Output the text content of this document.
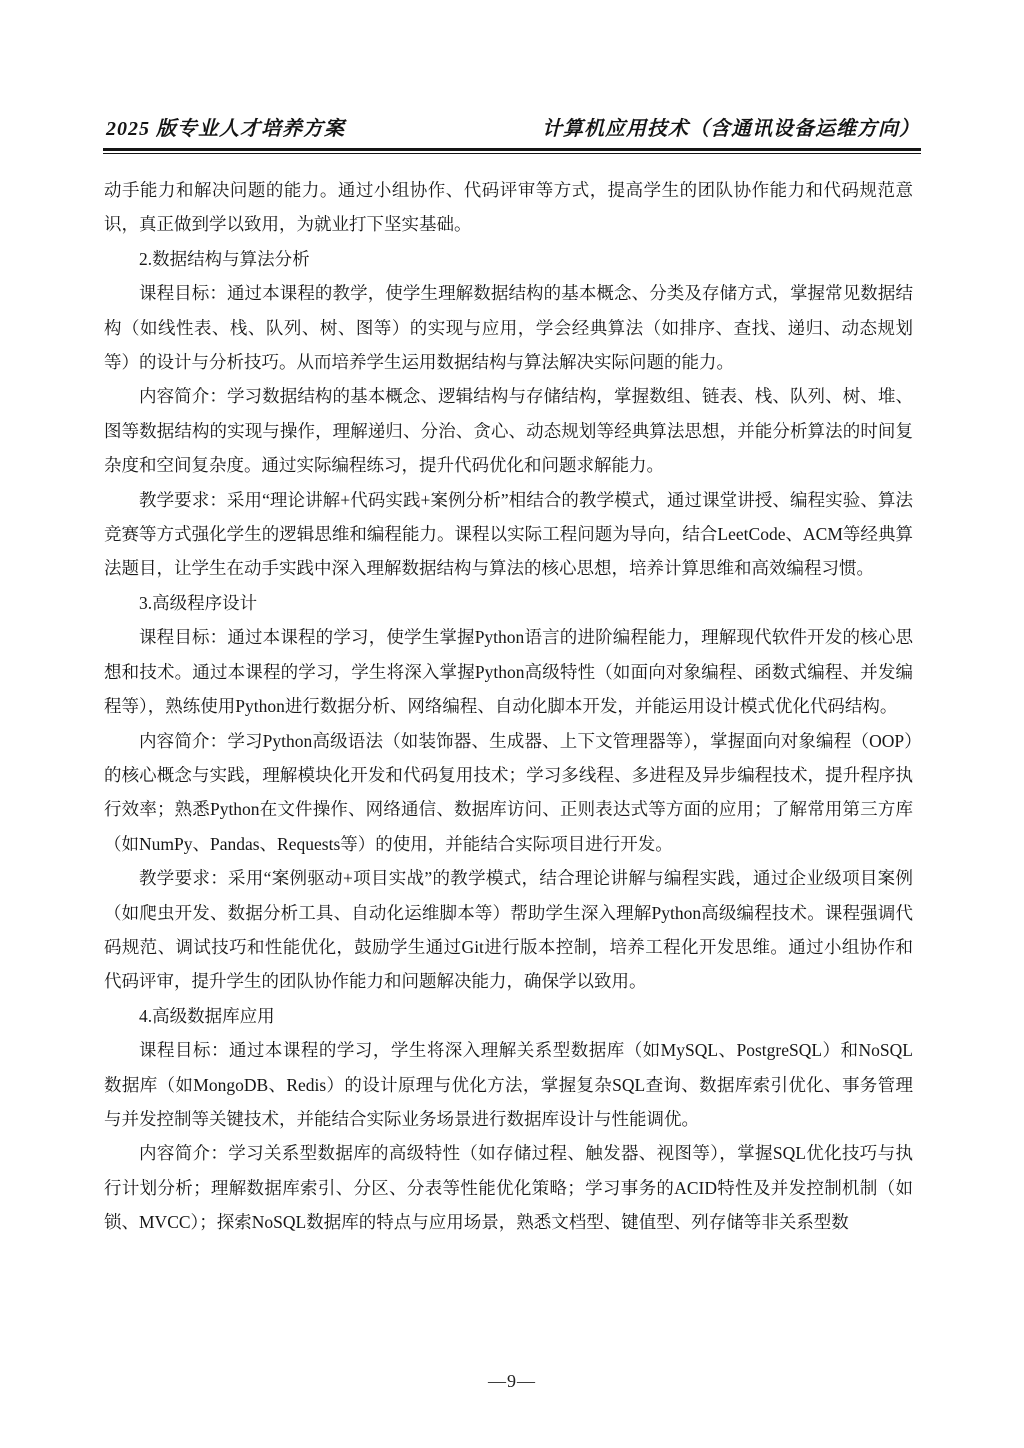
2025 版专业人才培养方案	计算机应用技术（含通讯设备运维方向）

动手能力和解决问题的能力。通过小组协作、代码评审等方式，提高学生的团队协作能力和代码规范意识，真正做到学以致用，为就业打下坚实基础。

2.数据结构与算法分析

课程目标：通过本课程的教学，使学生理解数据结构的基本概念、分类及存储方式，掌握常见数据结构（如线性表、栈、队列、树、图等）的实现与应用，学会经典算法（如排序、查找、递归、动态规划等）的设计与分析技巧。从而培养学生运用数据结构与算法解决实际问题的能力。

内容简介：学习数据结构的基本概念、逻辑结构与存储结构，掌握数组、链表、栈、队列、树、堆、图等数据结构的实现与操作，理解递归、分治、贪心、动态规划等经典算法思想，并能分析算法的时间复杂度和空间复杂度。通过实际编程练习，提升代码优化和问题求解能力。

教学要求：采用“理论讲解+代码实践+案例分析”相结合的教学模式，通过课堂讲授、编程实验、算法竞赛等方式强化学生的逻辑思维和编程能力。课程以实际工程问题为导向，结合LeetCode、ACM等经典算法题目，让学生在动手实践中深入理解数据结构与算法的核心思想，培养计算思维和高效编程习惯。

3.高级程序设计

课程目标：通过本课程的学习，使学生掌握Python语言的进阶编程能力，理解现代软件开发的核心思想和技术。通过本课程的学习，学生将深入掌握Python高级特性（如面向对象编程、函数式编程、并发编程等），熟练使用Python进行数据分析、网络编程、自动化脚本开发，并能运用设计模式优化代码结构。

内容简介：学习Python高级语法（如装饰器、生成器、上下文管理器等），掌握面向对象编程（OOP）的核心概念与实践，理解模块化开发和代码复用技术；学习多线程、多进程及异步编程技术，提升程序执行效率；熟悉Python在文件操作、网络通信、数据库访问、正则表达式等方面的应用；了解常用第三方库（如NumPy、Pandas、Requests等）的使用，并能结合实际项目进行开发。

教学要求：采用“案例驱动+项目实战”的教学模式，结合理论讲解与编程实践，通过企业级项目案例（如爬虫开发、数据分析工具、自动化运维脚本等）帮助学生深入理解Python高级编程技术。课程强调代码规范、调试技巧和性能优化，鼓励学生通过Git进行版本控制，培养工程化开发思维。通过小组协作和代码评审，提升学生的团队协作能力和问题解决能力，确保学以致用。

4.高级数据库应用

课程目标：通过本课程的学习，学生将深入理解关系型数据库（如MySQL、PostgreSQL）和NoSQL数据库（如MongoDB、Redis）的设计原理与优化方法，掌握复杂SQL查询、数据库索引优化、事务管理与并发控制等关键技术，并能结合实际业务场景进行数据库设计与性能调优。

内容简介：学习关系型数据库的高级特性（如存储过程、触发器、视图等），掌握SQL优化技巧与执行计划分析；理解数据库索引、分区、分表等性能优化策略；学习事务的ACID特性及并发控制机制（如锁、MVCC）；探索NoSQL数据库的特点与应用场景，熟悉文档型、键值型、列存储等非关系型数

—9—
